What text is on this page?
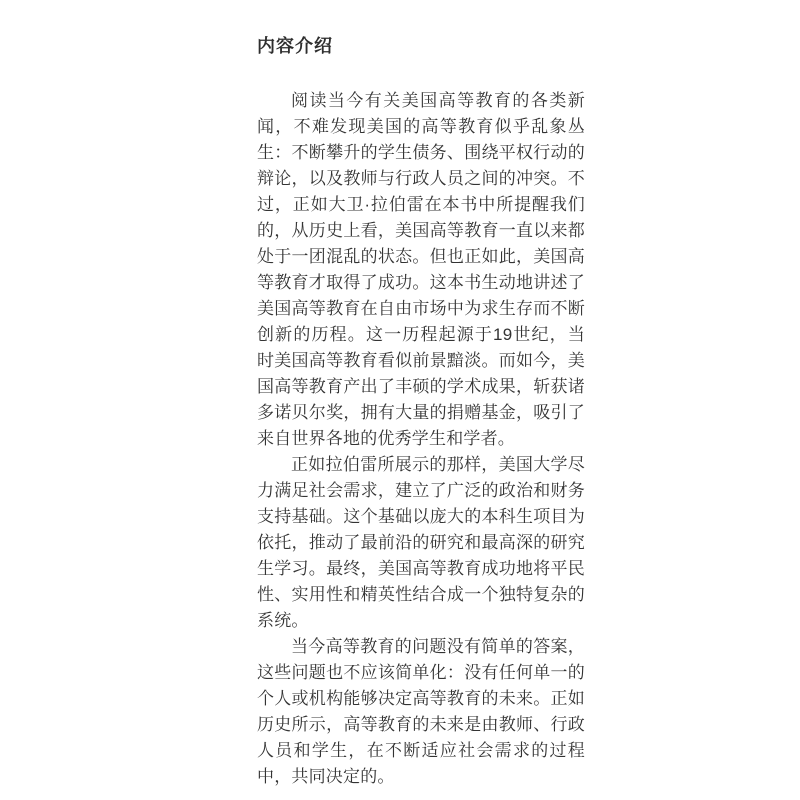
内容介绍

阅读当今有关美国高等教育的各类新闻，不难发现美国的高等教育似乎乱象丛生：不断攀升的学生债务、围绕平权行动的辩论，以及教师与行政人员之间的冲突。不过，正如大卫·拉伯雷在本书中所提醒我们的，从历史上看，美国高等教育一直以来都处于一团混乱的状态。但也正如此，美国高等教育才取得了成功。这本书生动地讲述了美国高等教育在自由市场中为求生存而不断创新的历程。这一历程起源于19世纪，当时美国高等教育看似前景黯淡。而如今，美国高等教育产出了丰硕的学术成果，斩获诸多诺贝尔奖，拥有大量的捐赠基金，吸引了来自世界各地的优秀学生和学者。

正如拉伯雷所展示的那样，美国大学尽力满足社会需求，建立了广泛的政治和财务支持基础。这个基础以庞大的本科生项目为依托，推动了最前沿的研究和最高深的研究生学习。最终，美国高等教育成功地将平民性、实用性和精英性结合成一个独特复杂的系统。

当今高等教育的问题没有简单的答案，这些问题也不应该简单化：没有任何单一的个人或机构能够决定高等教育的未来。正如历史所示，高等教育的未来是由教师、行政人员和学生，在不断适应社会需求的过程中，共同决定的。
